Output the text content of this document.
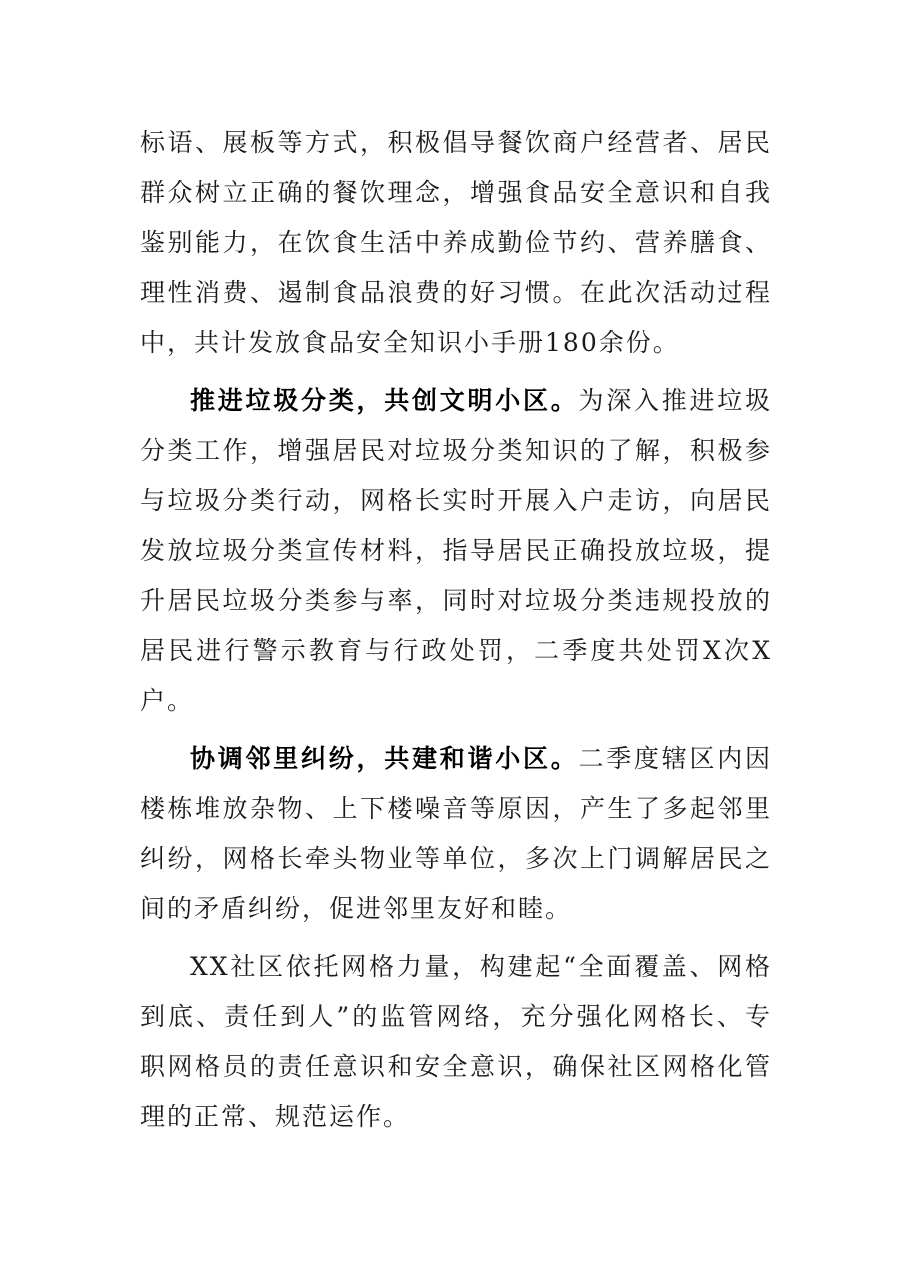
标语、展板等方式，积极倡导餐饮商户经营者、居民群众树立正确的餐饮理念，增强食品安全意识和自我鉴别能力，在饮食生活中养成勤俭节约、营养膳食、理性消费、遏制食品浪费的好习惯。在此次活动过程中，共计发放食品安全知识小手册180余份。

推进垃圾分类，共创文明小区。为深入推进垃圾分类工作，增强居民对垃圾分类知识的了解，积极参与垃圾分类行动，网格长实时开展入户走访，向居民发放垃圾分类宣传材料，指导居民正确投放垃圾，提升居民垃圾分类参与率，同时对垃圾分类违规投放的居民进行警示教育与行政处罚，二季度共处罚X次X户。

协调邻里纠纷，共建和谐小区。二季度辖区内因楼栋堆放杂物、上下楼噪音等原因，产生了多起邻里纠纷，网格长牵头物业等单位，多次上门调解居民之间的矛盾纠纷，促进邻里友好和睦。

XX社区依托网格力量，构建起“全面覆盖、网格到底、责任到人”的监管网络，充分强化网格长、专职网格员的责任意识和安全意识，确保社区网格化管理的正常、规范运作。
